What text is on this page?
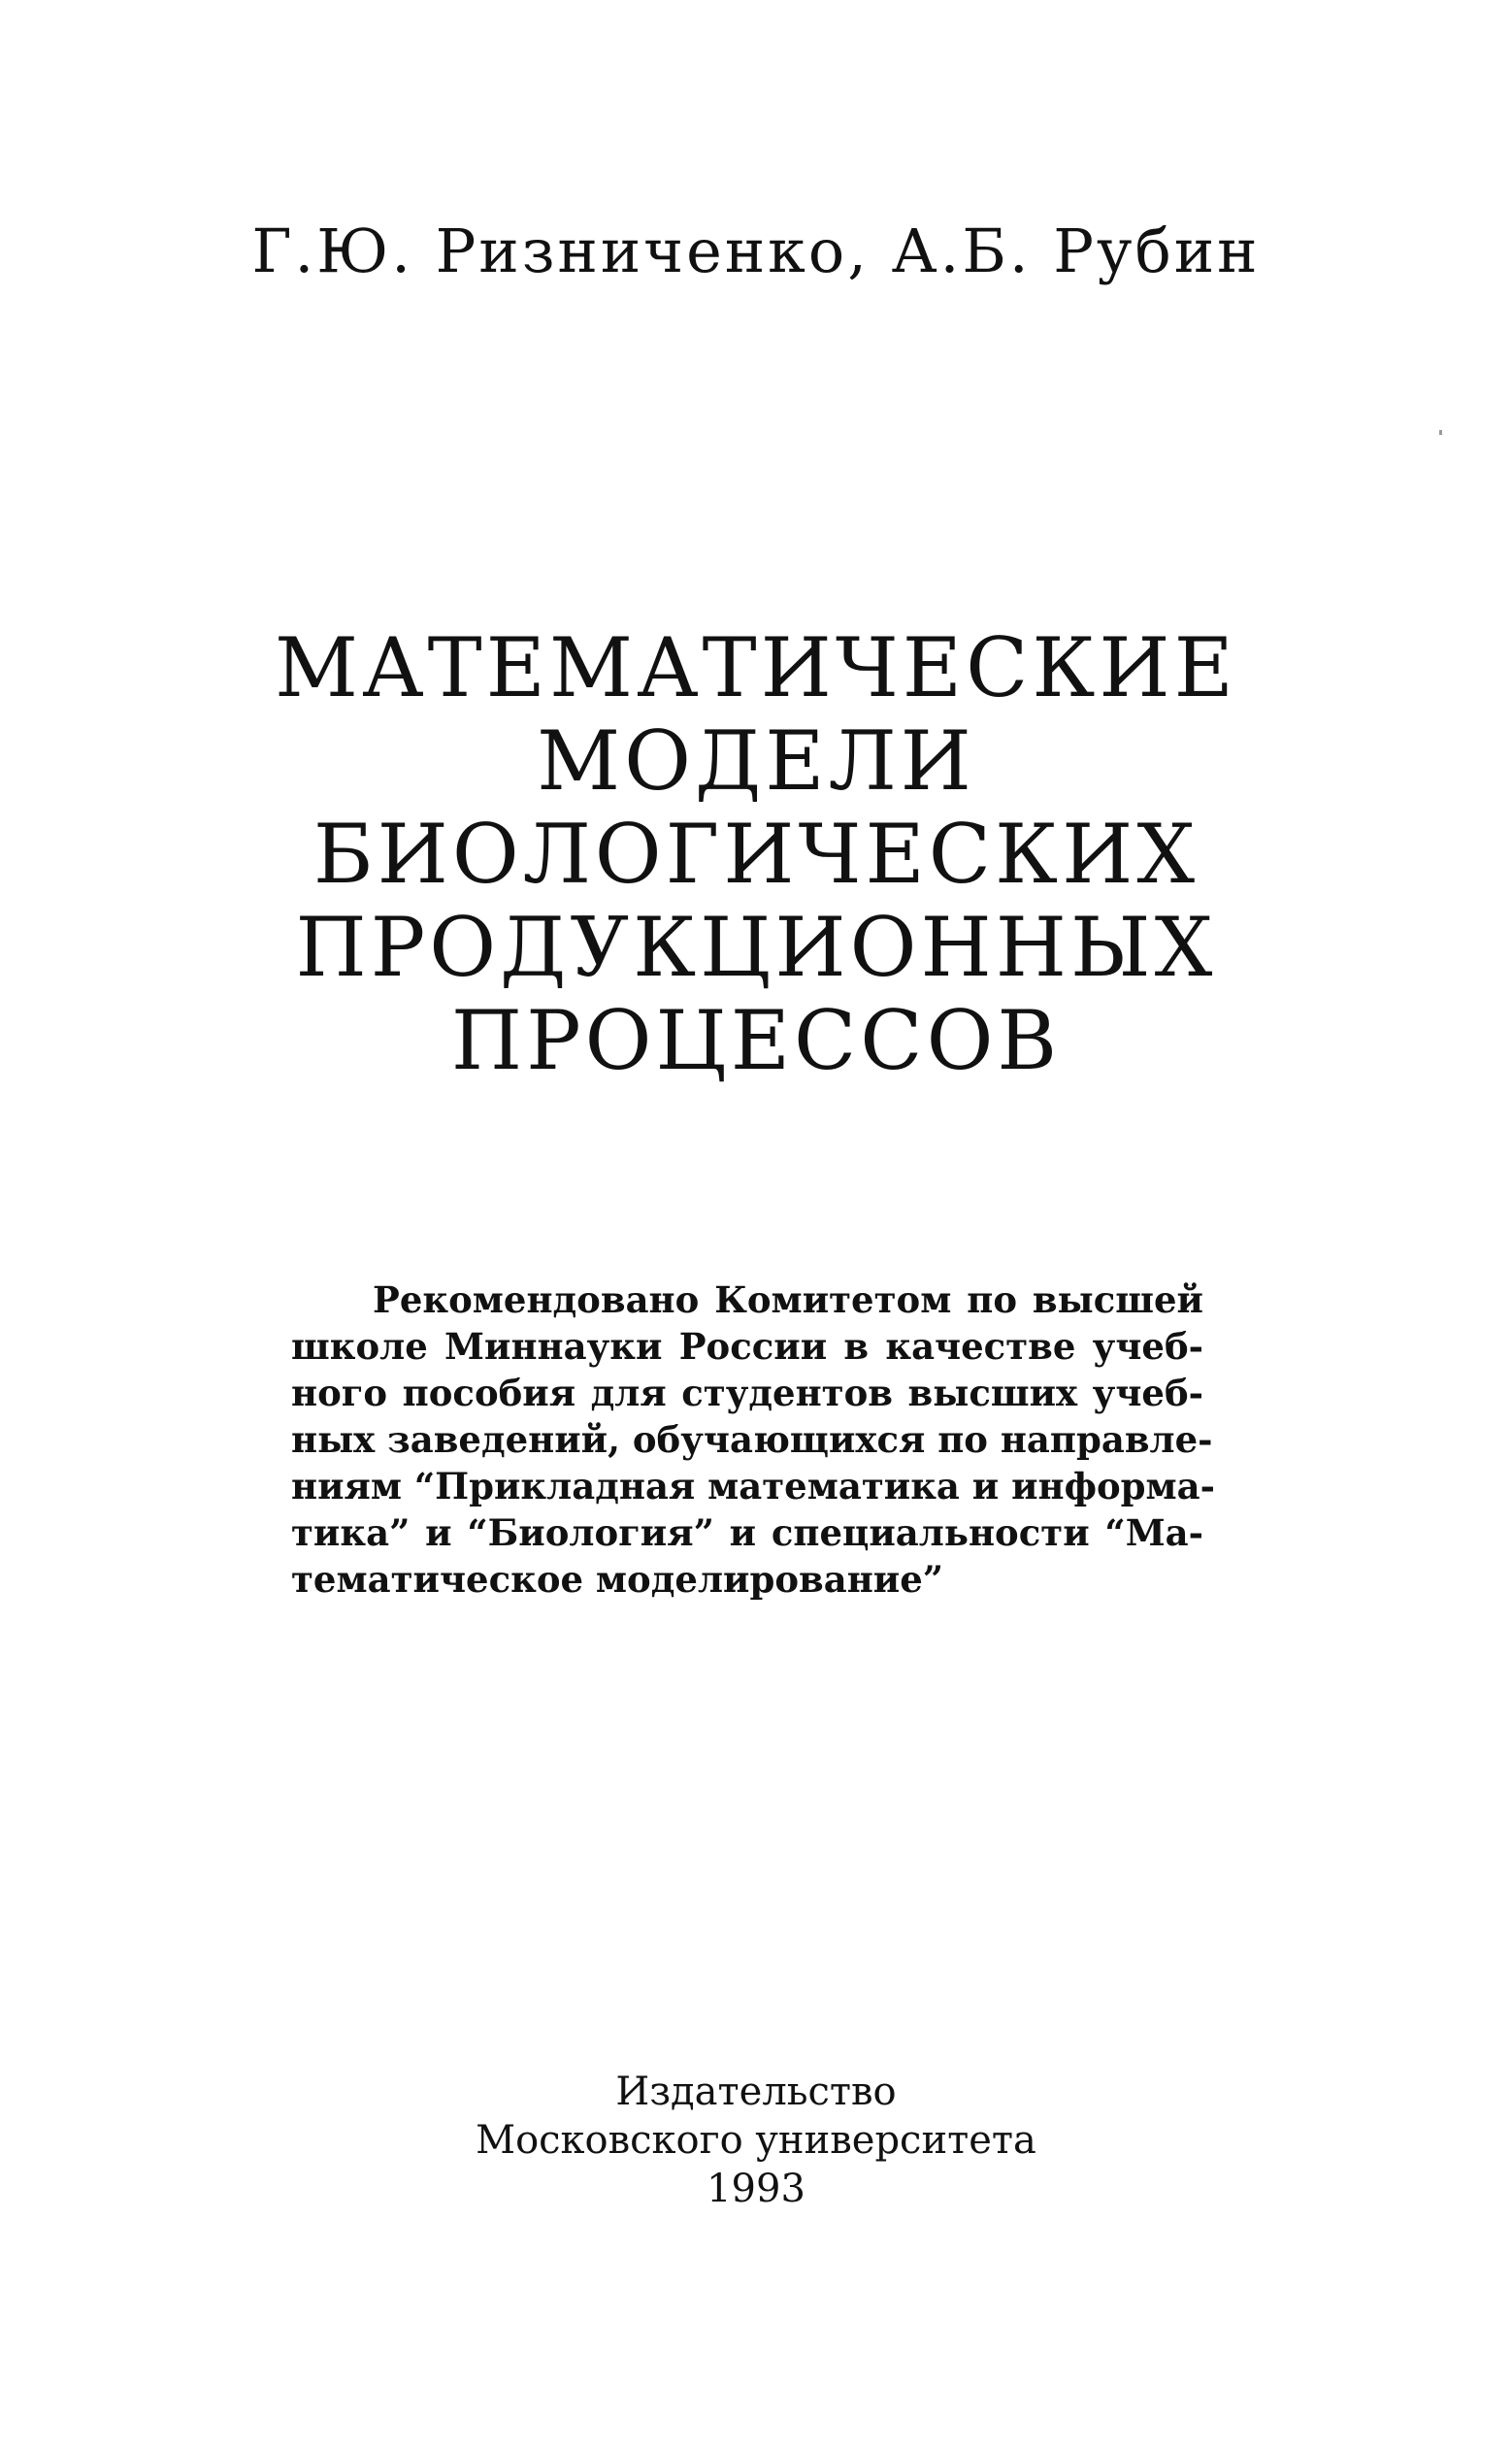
Г.Ю. Ризниченко, А.Б. Рубин
МАТЕМАТИЧЕСКИЕ
МОДЕЛИ
БИОЛОГИЧЕСКИХ
ПРОДУКЦИОННЫХ
ПРОЦЕССОВ
Рекомендовано Комитетом по высшей
школе Миннауки России в качестве учеб-
ного пособия для студентов высших учеб-
ных заведений, обучающихся по направле-
ниям “Прикладная математика и информа-
тика” и “Биология” и специальности “Ма-
тематическое моделирование”
Издательство
Московского университета
1993
